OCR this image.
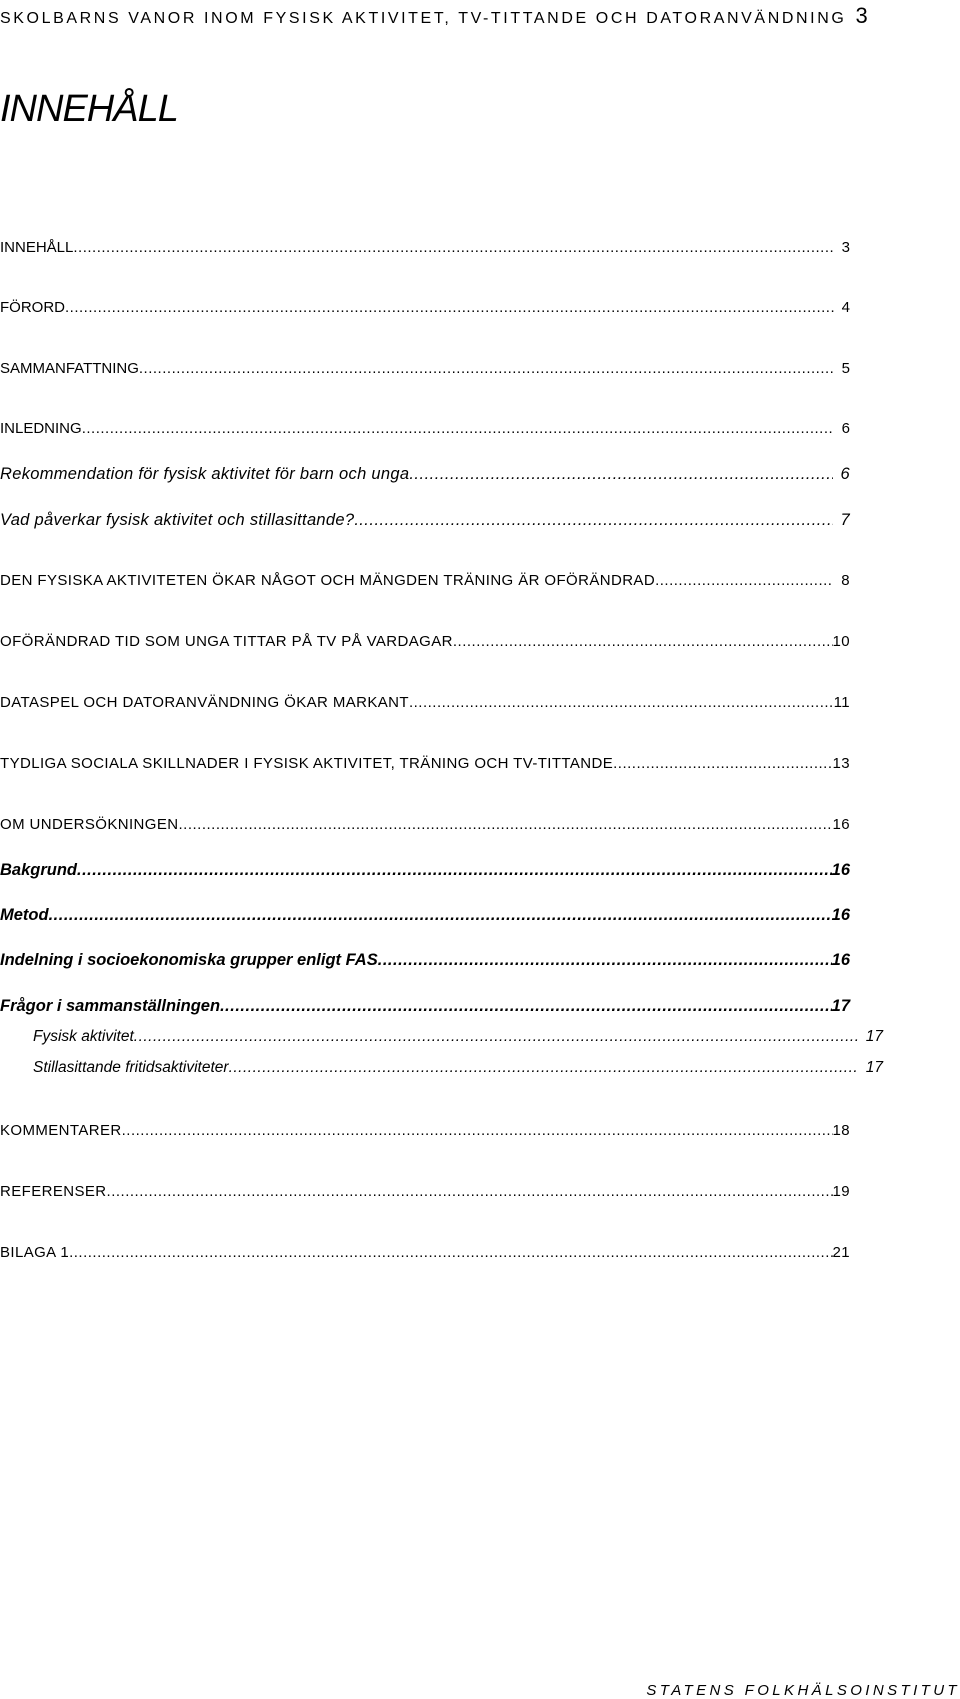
SKOLBARNS VANOR INOM FYSISK AKTIVITET, TV-TITTANDE OCH DATORANVÄNDNING 3
INNEHÅLL
INNEHÅLL .....	3
FÖRORD .....	4
SAMMANFATTNING .....	5
INLEDNING .....	6
Rekommendation för fysisk aktivitet för barn och unga .....	6
Vad påverkar fysisk aktivitet och stillasittande?. .....	7
DEN FYSISKA AKTIVITETEN ÖKAR NÅGOT OCH MÄNGDEN TRÄNING ÄR OFÖRÄNDRAD .....	8
OFÖRÄNDRAD TID SOM UNGA TITTAR PÅ TV PÅ VARDAGAR .....	10
DATASPEL OCH DATORANVÄNDNING ÖKAR MARKANT .....	11
TYDLIGA SOCIALA SKILLNADER I FYSISK AKTIVITET, TRÄNING OCH TV-TITTANDE .....	13
OM UNDERSÖKNINGEN .....	16
Bakgrund .....	16
Metod .....	16
Indelning i socioekonomiska grupper enligt FAS .....	16
Frågor i sammanställningen .....	17
Fysisk aktivitet .....	17
Stillasittande fritidsaktiviteter .....	17
KOMMENTARER .....	18
REFERENSER .....	19
BILAGA 1 .....	21
STATENS FOLKHÄLSOINSTITUT
